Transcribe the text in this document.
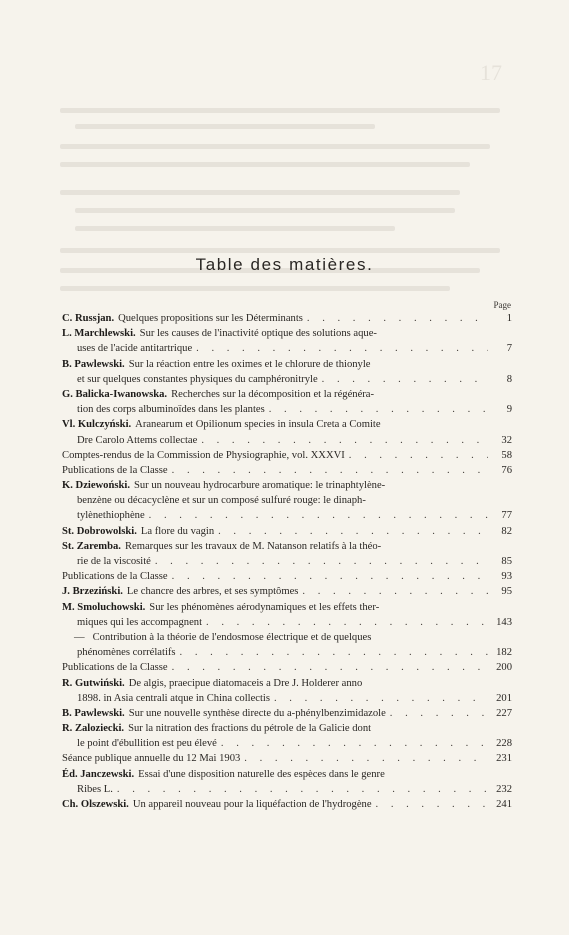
17
Table des matières.
Page
C. Russjan. Quelques propositions sur les Déterminants . . .	1
L. Marchlewski. Sur les causes de l'inactivité optique des solutions aque-
uses de l'acide antitartrique . . .	7
B. Pawlewski. Sur la réaction entre les oximes et le chlorure de thionyle
et sur quelques constantes physiques du camphéronitryle . . .	8
G. Balicka-Iwanowska. Recherches sur la décomposition et la régénéra-
tion des corps albuminoïdes dans les plantes . . .	9
Vl. Kulczyński. Aranearum et Opilionum species in insula Creta a Comite
Dre Carolo Attems collectae . . .	32
Comptes-rendus de la Commission de Physiographie, vol. XXXVI . . .	58
Publications de la Classe . . .	76
K. Dziewoński. Sur un nouveau hydrocarbure aromatique: le trinaphtylène-
benzène ou décacyclène et sur un composé sulfuré rouge: le dinaph-
tylènethiophène . . .	77
St. Dobrowolski. La flore du vagin . . .	82
St. Zaremba. Remarques sur les travaux de M. Natanson relatifs à la théo-
rie de la viscosité . . .	85
Publications de la Classe . . .	93
J. Brzeziński. Le chancre des arbres, et ses symptômes . . .	95
M. Smoluchowski. Sur les phénomènes aérodynamiques et les effets ther-
miques qui les accompagnent . . .	143
— Contribution à la théorie de l'endosmose électrique et de quelques
phénomènes corrélatifs . . .	182
Publications de la Classe . . .	200
R. Gutwiński. De algis, praecipue diatomaceis a Dre J. Holderer anno
1898. in Asia centrali atque in China collectis . . .	201
B. Pawlewski. Sur une nouvelle synthèse directe du a-phénylbenzimidazole . . .	227
R. Zaloziecki. Sur la nitration des fractions du pétrole de la Galicie dont
le point d'ébullition est peu élevé . . .	228
Séance publique annuelle du 12 Mai 1903 . . .	231
Éd. Janczewski. Essai d'une disposition naturelle des espèces dans le genre
Ribes L. . . .	232
Ch. Olszewski. Un appareil nouveau pour la liquéfaction de l'hydrogène . . .	241
